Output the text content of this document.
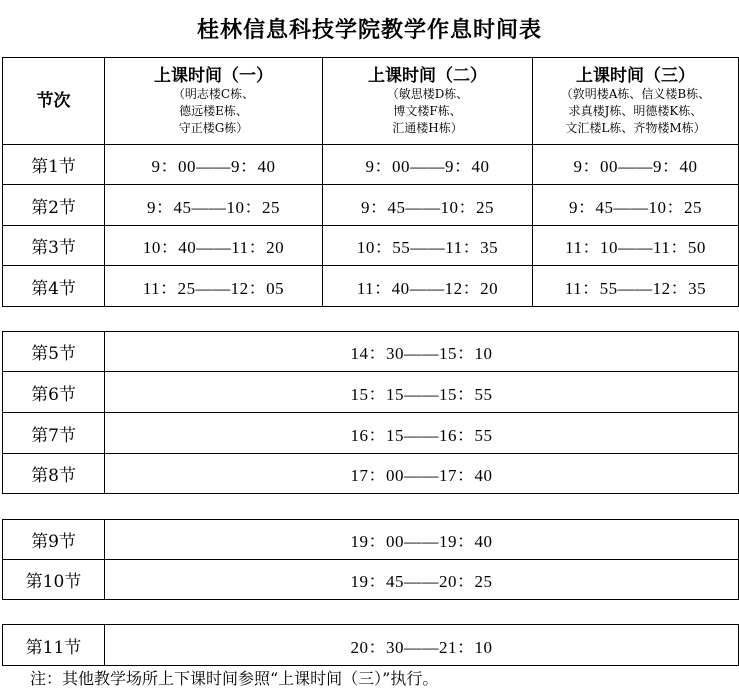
桂林信息科技学院教学作息时间表
节次	上课时间（一）
（明志楼C栋、
德远楼E栋、
守正楼G栋）	上课时间（二）
（敏思楼D栋、
博文楼F栋、
汇通楼H栋）	上课时间（三）
（敦明楼A栋、信义楼B栋、
求真楼J栋、明德楼K栋、
文汇楼L栋、齐物楼M栋）

第1节	9：00——9：40	9：00——9：40	9：00——9：40
第2节	9：45——10：25	9：45——10：25	9：45——10：25
第3节	10：40——11：20	10：55——11：35	11：10——11：50
第4节	11：25——12：05	11：40——12：20	11：55——12：35

第5节	14：30——15：10		
第6节	15：15——15：55		
第7节	16：15——16：55		
第8节	17：00——17：40		

第9节	19：00——19：40		
第10节	19：45——20：25		

第11节	20：30——21：10		
注：其他教学场所上下课时间参照“上课时间（三）”执行。
